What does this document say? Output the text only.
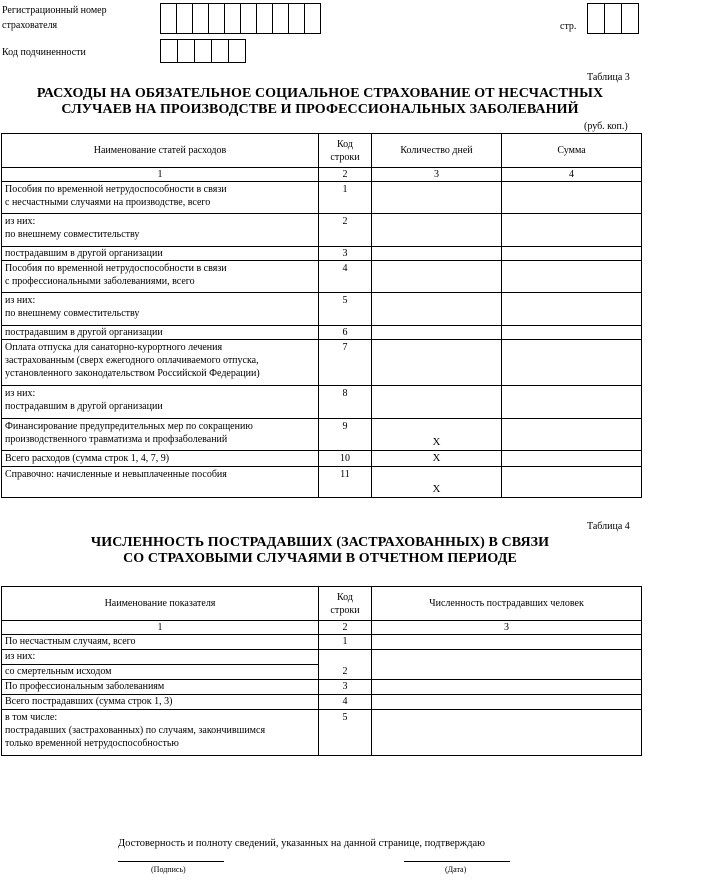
Регистрационный номер
страхователя	стр.
Код подчиненности
Таблица 3
РАСХОДЫ НА ОБЯЗАТЕЛЬНОЕ СОЦИАЛЬНОЕ СТРАХОВАНИЕ ОТ НЕСЧАСТНЫХ
СЛУЧАЕВ НА ПРОИЗВОДСТВЕ И ПРОФЕССИОНАЛЬНЫХ ЗАБОЛЕВАНИЙ
(руб. коп.)
Наименование статей расходов	Код строки	Количество дней	Сумма
1	2	3	4

Пособия по временной нетрудоспособности в связи
с несчастными случаями на производстве, всего	1		

из них:
по внешнему совместительству	2		

пострадавшим в другой организации	3		

Пособия по временной нетрудоспособности в связи
с профессиональными заболеваниями, всего	4		

из них:
по внешнему совместительству	5		

пострадавшим в другой организации	6		

Оплата отпуска для санаторно-курортного лечения
застрахованным (сверх ежегодного оплачиваемого отпуска,
установленного законодательством Российской Федерации)	7		

из них:
пострадавшим в другой организации	8		

Финансирование предупредительных мер по сокращению
производственного травматизма и профзаболеваний	9	X	

Всего расходов (сумма строк 1, 4, 7, 9)	10	X	

Справочно: начисленные и невыплаченные пособия	11	X	

Таблица 4
ЧИСЛЕННОСТЬ ПОСТРАДАВШИХ (ЗАСТРАХОВАННЫХ) В СВЯЗИ
СО СТРАХОВЫМИ СЛУЧАЯМИ В ОТЧЕТНОМ ПЕРИОДЕ
Наименование показателя	Код строки	Численность пострадавших человек
1	2	3

По несчастным случаям, всего	1	

из них:		

со смертельным исходом	2	

По профессиональным заболеваниям	3	

Всего пострадавших (сумма строк 1, 3)	4	

в том числе:
пострадавших (застрахованных) по случаям, закончившимся
только временной нетрудоспособностью	5	
Достоверность и полноту сведений, указанных на данной странице, подтверждаю
(Подпись)	(Дата)
